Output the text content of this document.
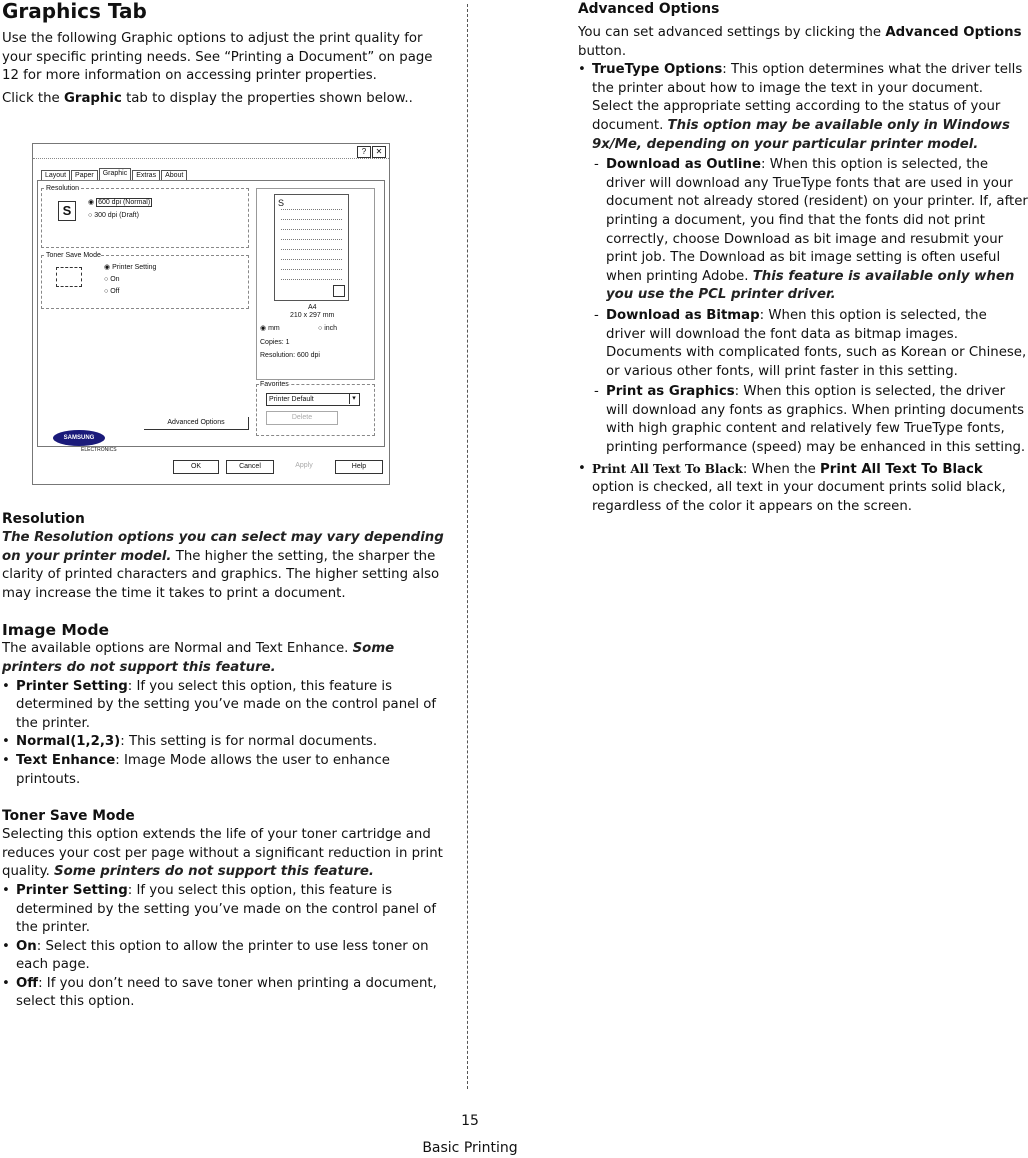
Graphics Tab

Use the following Graphic options to adjust the print quality for your specific printing needs. See “Printing a Document” on page 12 for more information on accessing printer properties.

Click the Graphic tab to display the properties shown below..

?	✕
Layout	Paper	Graphic	Extras	About
Resolution
S
◉ 600 dpi (Normal)
○ 300 dpi (Draft)
Toner Save Mode
◉ Printer Setting
○ On
○ Off
S
A4
210 x 297 mm
◉ mm	○ inch
Copies: 1
Resolution: 600 dpi
Favorites
Printer Default	▾
Delete
Advanced Options
SAMSUNG
ELECTRONICS
OK	Cancel	Apply	Help
Resolution

The Resolution options you can select may vary depending on your printer model. The higher the setting, the sharper the clarity of printed characters and graphics. The higher setting also may increase the time it takes to print a document.

Image Mode

The available options are Normal and Text Enhance. Some printers do not support this feature.

• Printer Setting: If you select this option, this feature is determined by the setting you’ve made on the control panel of the printer.
• Normal(1,2,3): This setting is for normal documents.
• Text Enhance: Image Mode allows the user to enhance printouts.
Toner Save Mode

Selecting this option extends the life of your toner cartridge and reduces your cost per page without a significant reduction in print quality. Some printers do not support this feature.

• Printer Setting: If you select this option, this feature is determined by the setting you’ve made on the control panel of the printer.
• On: Select this option to allow the printer to use less toner on each page.
• Off: If you don’t need to save toner when printing a document, select this option.
Advanced Options

You can set advanced settings by clicking the Advanced Options button.

• TrueType Options: This option determines what the driver tells the printer about how to image the text in your document. Select the appropriate setting according to the status of your document. This option may be available only in Windows 9x/Me, depending on your particular printer model.
- Download as Outline: When this option is selected, the driver will download any TrueType fonts that are used in your document not already stored (resident) on your printer. If, after printing a document, you find that the fonts did not print correctly, choose Download as bit image and resubmit your print job. The Download as bit image setting is often useful when printing Adobe. This feature is available only when you use the PCL printer driver.
- Download as Bitmap: When this option is selected, the driver will download the font data as bitmap images. Documents with complicated fonts, such as Korean or Chinese, or various other fonts, will print faster in this setting.
- Print as Graphics: When this option is selected, the driver will download any fonts as graphics. When printing documents with high graphic content and relatively few TrueType fonts, printing performance (speed) may be enhanced in this setting.
• Print All Text To Black: When the Print All Text To Black option is checked, all text in your document prints solid black, regardless of the color it appears on the screen.
15
Basic Printing
